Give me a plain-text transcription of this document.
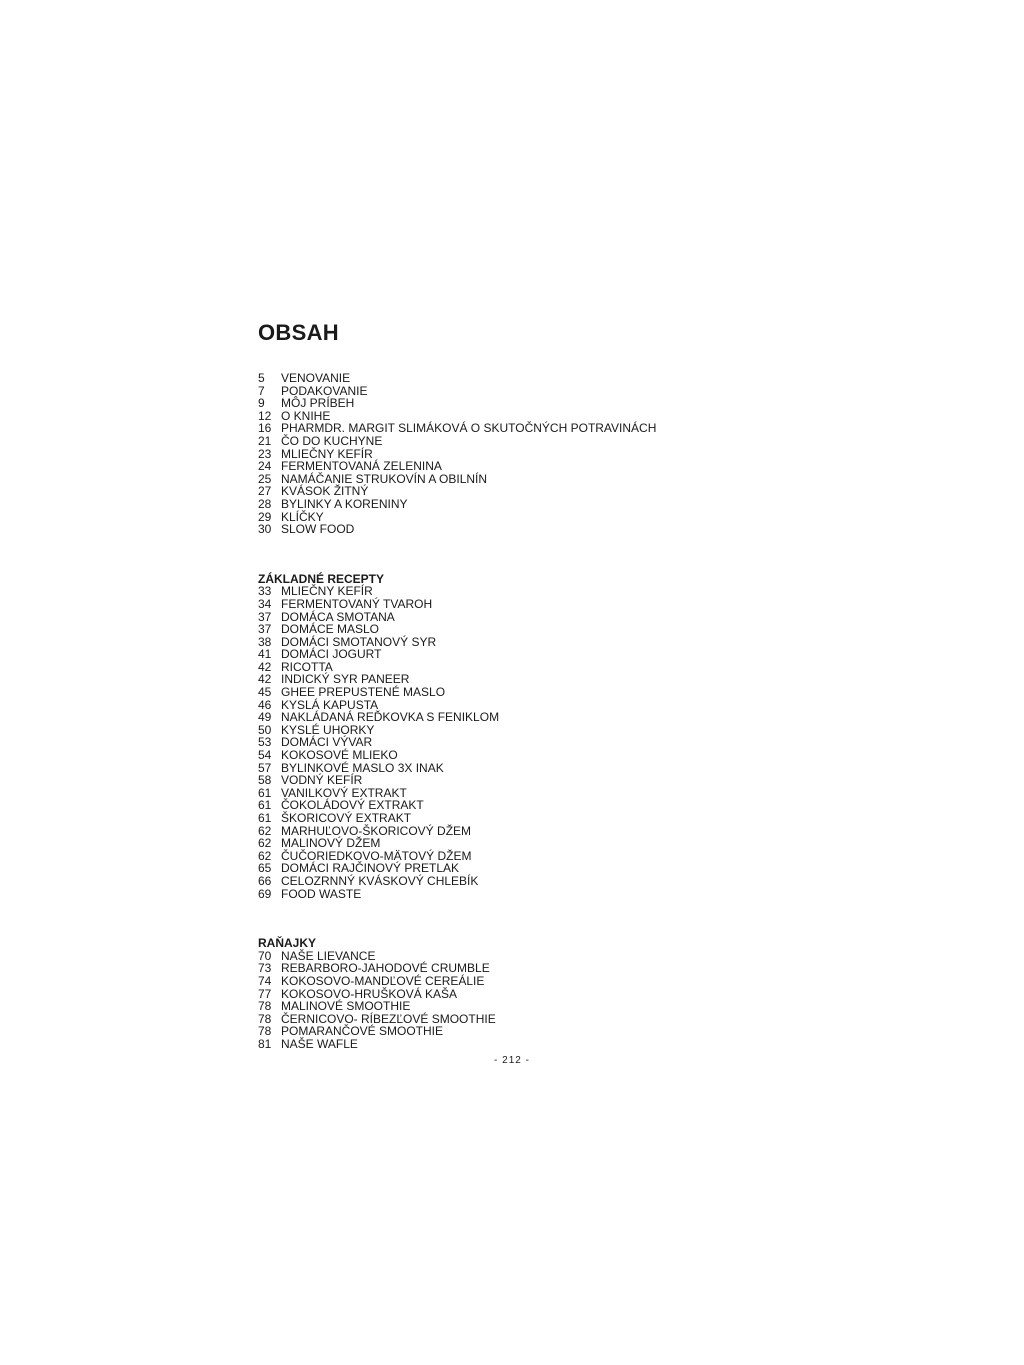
OBSAH
5	VENOVANIE
7	PODAKOVANIE
9	MÔJ PRÍBEH
12 O KNIHE
16 PHARMDR. MARGIT SLIMÁKOVÁ O SKUTOČNÝCH POTRAVINÁCH
21 ČO DO KUCHYNE
23 MLIEČNY KEFÍR
24 FERMENTOVANÁ ZELENINA
25 NAMÁČANIE STRUKOVÍN A OBILNÍN
27 KVÁSOK ŽITNÝ
28 BYLINKY A KORENINY
29 KLÍČKY
30 SLOW FOOD
ZÁKLADNÉ RECEPTY
33 MLIEČNY KEFÍR
34 FERMENTOVANÝ TVAROH
37 DOMÁCA SMOTANA
37 DOMÁCE MASLO
38 DOMÁCI SMOTANOVÝ SYR
41 DOMÁCI JOGURT
42 RICOTTA
42 INDICKÝ SYR PANEER
45 GHEE PREPUSTENÉ MASLO
46 KYSLÁ KAPUSTA
49 NAKLÁDANÁ REĎKOVKA S FENIKLOM
50 KYSLÉ UHORKY
53 DOMÁCI VÝVAR
54 KOKOSOVÉ MLIEKO
57 BYLINKOVÉ MASLO 3X INAK
58 VODNÝ KEFÍR
61 VANILKOVÝ EXTRAKT
61 ČOKOLÁDOVÝ EXTRAKT
61 ŠKORICOVÝ EXTRAKT
62 MARHUĽOVO-ŠKORICOVÝ DŽEM
62 MALINOVÝ DŽEM
62 ČUČORIEDKOVO-MÄTOVÝ DŽEM
65 DOMÁCI RAJČINOVÝ PRETLAK
66 CELOZRNNÝ KVÁSKOVÝ CHLEBÍK
69 FOOD WASTE
RAŇAJKY
70 NAŠE LIEVANCE
73 REBARBORO-JAHODOVÉ CRUMBLE
74 KOKOSOVO-MANDĽOVÉ CEREÁLIE
77 KOKOSOVO-HRUŠKOVÁ KAŠA
78 MALINOVÉ SMOOTHIE
78 ČERNICOVO- RÍBEZĽOVÉ SMOOTHIE
78 POMARANČOVÉ SMOOTHIE
81 NAŠE WAFLE
- 212 -
